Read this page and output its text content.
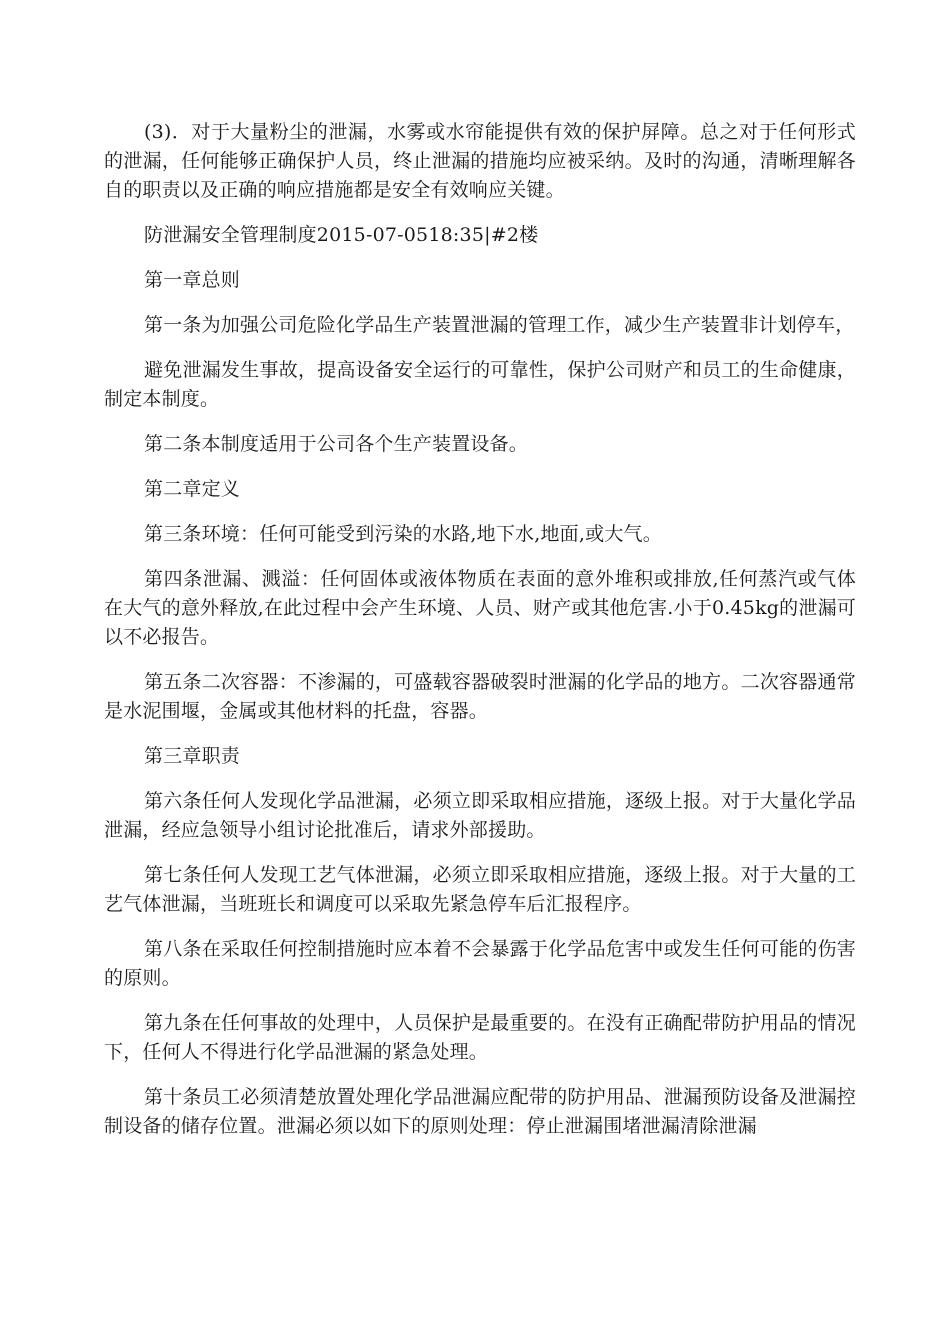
(3)．对于大量粉尘的泄漏，水雾或水帘能提供有效的保护屏障。总之对于任何形式的泄漏，任何能够正确保护人员，终止泄漏的措施均应被采纳。及时的沟通，清晰理解各自的职责以及正确的响应措施都是安全有效响应关键。

防泄漏安全管理制度2015-07-0518:35|#2楼

第一章总则

第一条为加强公司危险化学品生产装置泄漏的管理工作，减少生产装置非计划停车，

避免泄漏发生事故，提高设备安全运行的可靠性，保护公司财产和员工的生命健康，制定本制度。

第二条本制度适用于公司各个生产装置设备。

第二章定义

第三条环境：任何可能受到污染的水路,地下水,地面,或大气。

第四条泄漏、溅溢：任何固体或液体物质在表面的意外堆积或排放,任何蒸汽或气体在大气的意外释放,在此过程中会产生环境、人员、财产或其他危害.小于0.45kg的泄漏可以不必报告。

第五条二次容器：不渗漏的，可盛载容器破裂时泄漏的化学品的地方。二次容器通常是水泥围堰，金属或其他材料的托盘，容器。

第三章职责

第六条任何人发现化学品泄漏，必须立即采取相应措施，逐级上报。对于大量化学品泄漏，经应急领导小组讨论批准后，请求外部援助。

第七条任何人发现工艺气体泄漏，必须立即采取相应措施，逐级上报。对于大量的工艺气体泄漏，当班班长和调度可以采取先紧急停车后汇报程序。

第八条在采取任何控制措施时应本着不会暴露于化学品危害中或发生任何可能的伤害的原则。

第九条在任何事故的处理中，人员保护是最重要的。在没有正确配带防护用品的情况下，任何人不得进行化学品泄漏的紧急处理。

第十条员工必须清楚放置处理化学品泄漏应配带的防护用品、泄漏预防设备及泄漏控制设备的储存位置。泄漏必须以如下的原则处理：停止泄漏围堵泄漏清除泄漏
